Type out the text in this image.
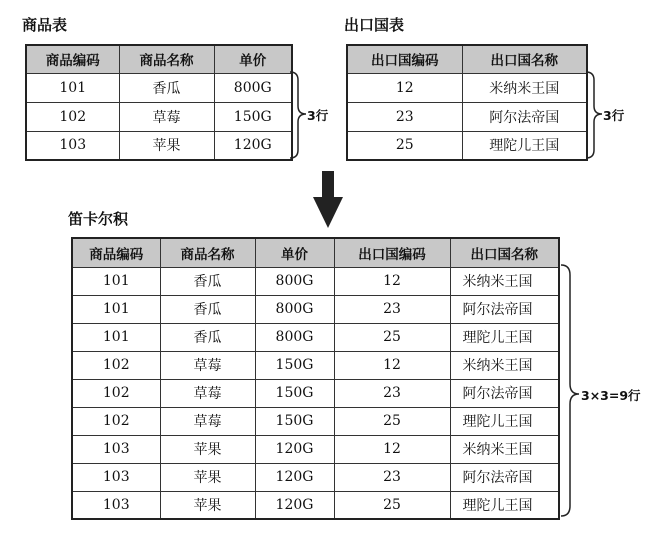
商品表
商品编码	商品名称	单价
101	香瓜	800G
102	草莓	150G
103	苹果	120G
出口国表
出口国编码	出口国名称
12	米纳米王国
23	阿尔法帝国
25	理陀儿王国
笛卡尔积
商品编码	商品名称	单价	出口国编码	出口国名称
101	香瓜	800G	12	米纳米王国
101	香瓜	800G	23	阿尔法帝国
101	香瓜	800G	25	理陀儿王国
102	草莓	150G	12	米纳米王国
102	草莓	150G	23	阿尔法帝国
102	草莓	150G	25	理陀儿王国
103	苹果	120G	12	米纳米王国
103	苹果	120G	23	阿尔法帝国
103	苹果	120G	25	理陀儿王国
3行	3行
3×3=9行
